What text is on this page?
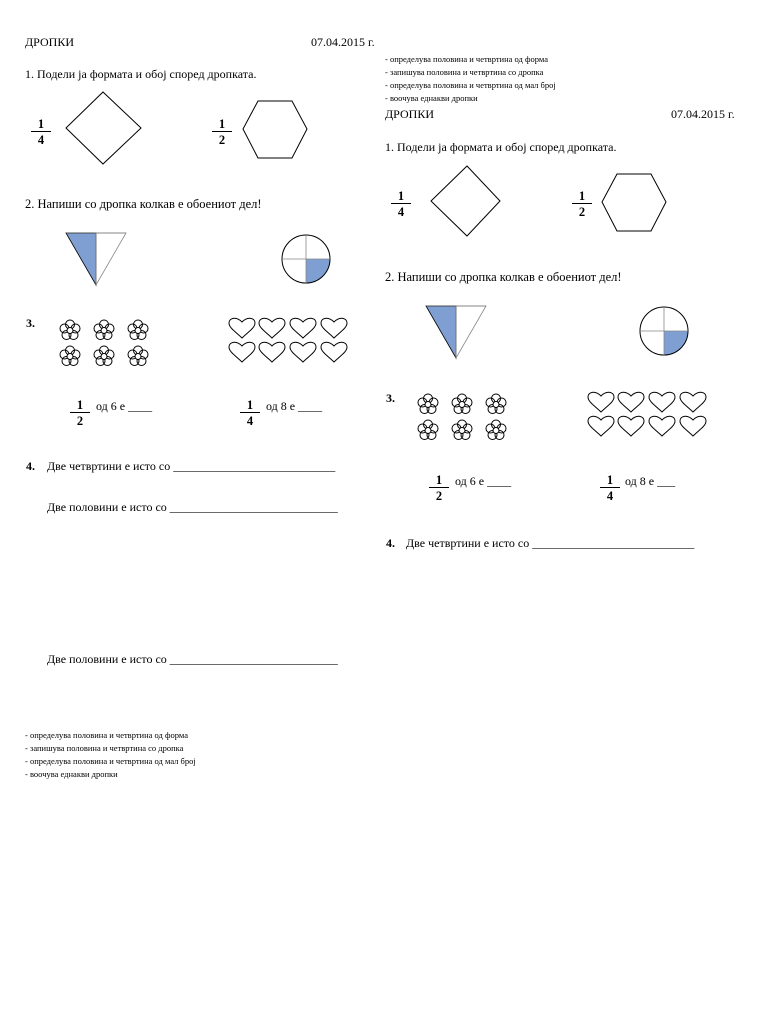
ДРОПКИ	07.04.2015 г.
1. Подели ја формата и обој според дропката.
$\frac{1}{4}$	$\frac{1}{2}$
2. Напиши со дропка колкав е обоениот дел!
3.
$\frac{1}{2}$ од 6 е ____	$\frac{1}{4}$ од 8 е ____
4. Две четвртини е исто со ___________________________
Две половини е исто со ____________________________
Две половини е исто со ____________________________
- определува половина и четвртина од форма
- запишува половина и четвртина со дропка
- определува половина и четвртина од мал број
- воочува еднакви дропки
- определува половина и четвртина од форма
- запишува половина и четвртина со дропка
- определува половина и четвртина од мал број
- воочува еднакви дропки
ДРОПКИ	07.04.2015 г.
1. Подели ја формата и обој според дропката.
$\frac{1}{4}$	$\frac{1}{2}$
2. Напиши со дропка колкав е обоениот дел!
3.
$\frac{1}{2}$ од 6 е ____	$\frac{1}{4}$ од 8 е ___
4. Две четвртини е исто со ___________________________
